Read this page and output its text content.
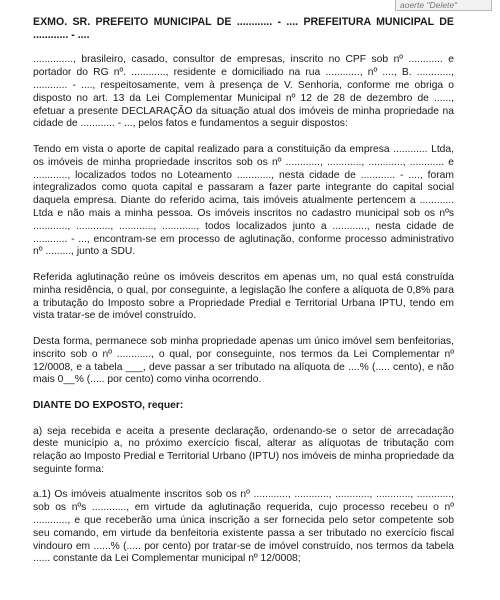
aoerte "Delete"

EXMO. SR. PREFEITO MUNICIPAL DE ............ - .... PREFEITURA MUNICIPAL DE ............ - ....

.............., brasileiro, casado, consultor de empresas, inscrito no CPF sob nº ............ e portador do RG nº. ............, residente e domiciliado na rua ............, nº ...., B. ............, ............ - ...., respeitosamente, vem à presença de V. Senhoria, conforme me obriga o disposto no art. 13 da Lei Complementar Municipal nº 12 de 28 de dezembro de ......, efetuar a presente DECLARAÇÃO da situação atual dos imóveis de minha propriedade na cidade de ............ - ..., pelos fatos e fundamentos a seguir dispostos:

Tendo em vista o aporte de capital realizado para a constituição da empresa ............ Ltda, os imóveis de minha propriedade inscritos sob os nº ............, ............, ............, ............ e ............, localizados todos no Loteamento ............, nesta cidade de ............ - ...., foram integralizados como quota capital e passaram a fazer parte integrante do capital social daquela empresa. Diante do referido acima, tais imóveis atualmente pertencem a ............ Ltda e não mais a minha pessoa. Os imóveis inscritos no cadastro municipal sob os nºs ............, ............, ............, ............, todos localizados junto a ............, nesta cidade de ............ - ..., encontram-se em processo de aglutinação, conforme processo administrativo nº ........., junto a SDU.

Referida aglutinação reúne os imóveis descritos em apenas um, no qual está construída minha residência, o qual, por conseguinte, a legislação lhe confere a alíquota de 0,8% para a tributação do Imposto sobre a Propriedade Predial e Territorial Urbana IPTU, tendo em vista tratar-se de imóvel construído.

Desta forma, permanece sob minha propriedade apenas um único imóvel sem benfeitorias, inscrito sob o nº ............, o qual, por conseguinte, nos termos da Lei Complementar nº 12/0008, e a tabela ___, deve passar a ser tributado na alíquota de ....% (..... cento), e não mais 0__% (..... por cento) como vinha ocorrendo.

DIANTE DO EXPOSTO, requer:

a) seja recebida e aceita a presente declaração, ordenando-se o setor de arrecadação deste município a, no próximo exercício fiscal, alterar as alíquotas de tributação com relação ao Imposto Predial e Territorial Urbano (IPTU) nos imóveis de minha propriedade da seguinte forma:

a.1) Os imóveis atualmente inscritos sob os nº ............, ............, ............, ............, ............, sob os nºs ............, em virtude da aglutinação requerida, cujo processo recebeu o nº ............, e que receberão uma única inscrição a ser fornecida pelo setor competente sob seu comando, em virtude da benfeitoria existente passa a ser tributado no exercício fiscal vindouro em ......% (..... por cento) por tratar-se de imóvel construído, nos termos da tabela ...... constante da Lei Complementar municipal nº 12/0008;
